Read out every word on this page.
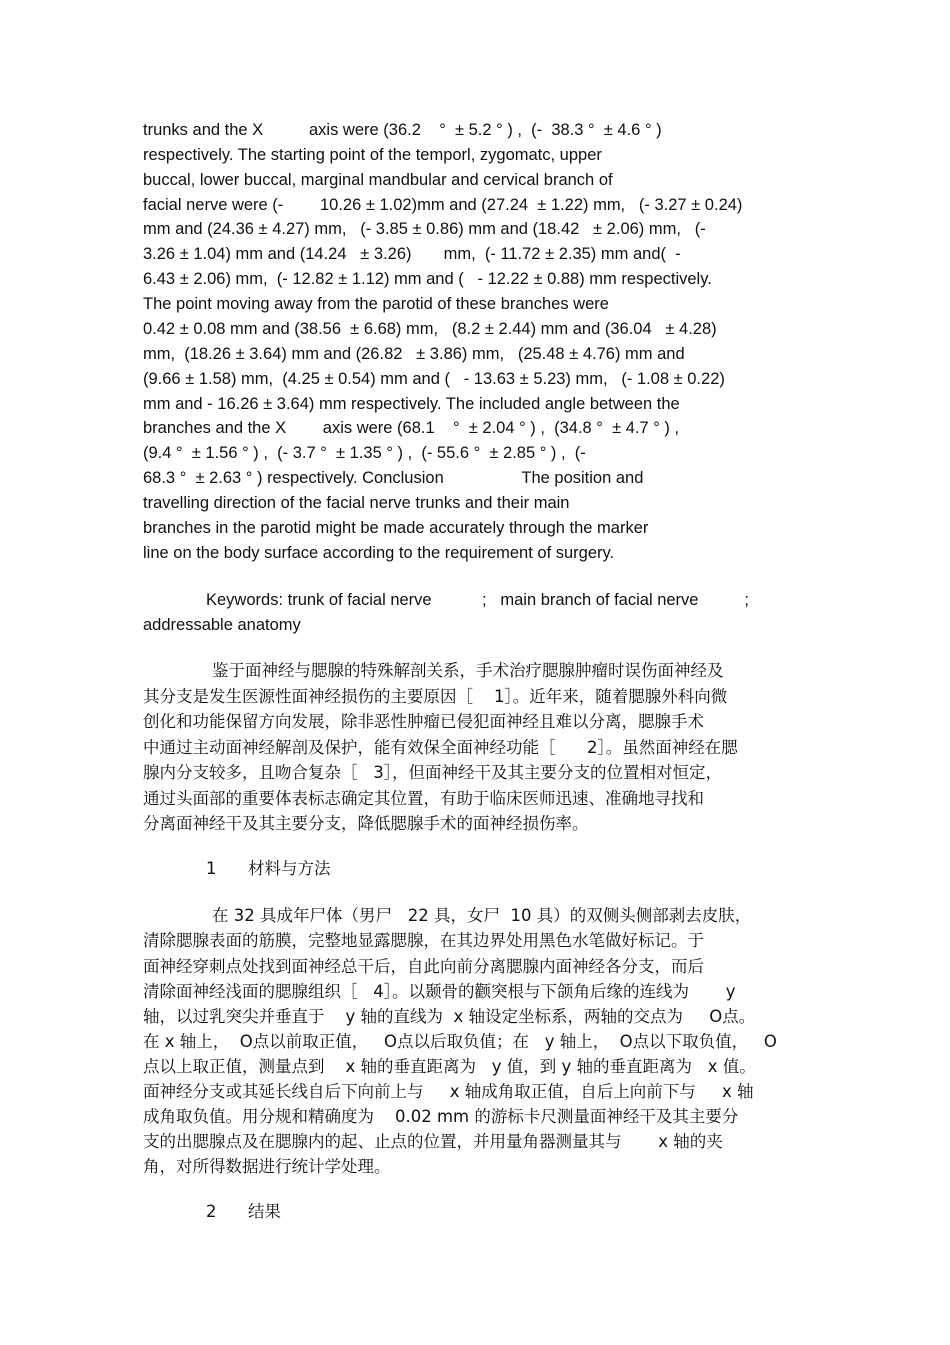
trunks and the X          axis were (36.2    °  ± 5.2 ° ) ,  (-  38.3 °  ± 4.6 ° )
respectively. The starting point of the temporl, zygomatc, upper
buccal, lower buccal, marginal mandbular and cervical branch of
facial nerve were (-        10.26 ± 1.02)mm and (27.24  ± 1.22) mm,   (- 3.27 ± 0.24)
mm and (24.36 ± 4.27) mm,   (- 3.85 ± 0.86) mm and (18.42   ± 2.06) mm,   (-
3.26 ± 1.04) mm and (14.24   ± 3.26)       mm,  (- 11.72 ± 2.35) mm and(  -
6.43 ± 2.06) mm,  (- 12.82 ± 1.12) mm and (   - 12.22 ± 0.88) mm respectively.
The point moving away from the parotid of these branches were
0.42 ± 0.08 mm and (38.56  ± 6.68) mm,   (8.2 ± 2.44) mm and (36.04   ± 4.28)
mm,  (18.26 ± 3.64) mm and (26.82   ± 3.86) mm,   (25.48 ± 4.76) mm and
(9.66 ± 1.58) mm,  (4.25 ± 0.54) mm and (   - 13.63 ± 5.23) mm,   (- 1.08 ± 0.22)
mm and - 16.26 ± 3.64) mm respectively. The included angle between the
branches and the X        axis were (68.1    °  ± 2.04 ° ) ,  (34.8 °  ± 4.7 ° ) ,
(9.4 °  ± 1.56 ° ) ,  (- 3.7 °  ± 1.35 ° ) ,  (- 55.6 °  ± 2.85 ° ) ,  (-
68.3 °  ± 2.63 ° ) respectively. Conclusion                 The position and
travelling direction of the facial nerve trunks and their main
branches in the parotid might be made accurately through the marker
line on the body surface according to the requirement of surgery.
Keywords: trunk of facial nerve           ;   main branch of facial nerve          ;
addressable anatomy
鉴于面神经与腮腺的特殊解剖关系，手术治疗腮腺肿瘤时误伤面神经及
其分支是发生医源性面神经损伤的主要原因［    1］。近年来，随着腮腺外科向微
创化和功能保留方向发展，除非恶性肿瘤已侵犯面神经且难以分离，腮腺手术
中通过主动面神经解剖及保护，能有效保全面神经功能［      2］。虽然面神经在腮
腺内分支较多，且吻合复杂［   3］，但面神经干及其主要分支的位置相对恒定，
通过头面部的重要体表标志确定其位置，有助于临床医师迅速、准确地寻找和
分离面神经干及其主要分支，降低腮腺手术的面神经损伤率。
1      材料与方法
在 32 具成年尸体（男尸   22 具，女尸  10 具）的双侧头侧部剥去皮肤，
清除腮腺表面的筋膜，完整地显露腮腺，在其边界处用黑色水笔做好标记。于
面神经穿刺点处找到面神经总干后，自此向前分离腮腺内面神经各分支，而后
清除面神经浅面的腮腺组织［   4］。以颞骨的颧突根与下颌角后缘的连线为       y
轴，以过乳突尖并垂直于    y 轴的直线为  x 轴设定坐标系，两轴的交点为     O点。
在 x 轴上，  O点以前取正值，   O点以后取负值；在   y 轴上，  O点以下取负值，   O
点以上取正值，测量点到    x 轴的垂直距离为   y 值，到 y 轴的垂直距离为   x 值。
面神经分支或其延长线自后下向前上与     x 轴成角取正值，自后上向前下与     x 轴
成角取负值。用分规和精确度为    0.02 mm 的游标卡尺测量面神经干及其主要分
支的出腮腺点及在腮腺内的起、止点的位置，并用量角器测量其与       x 轴的夹
角，对所得数据进行统计学处理。
2      结果
